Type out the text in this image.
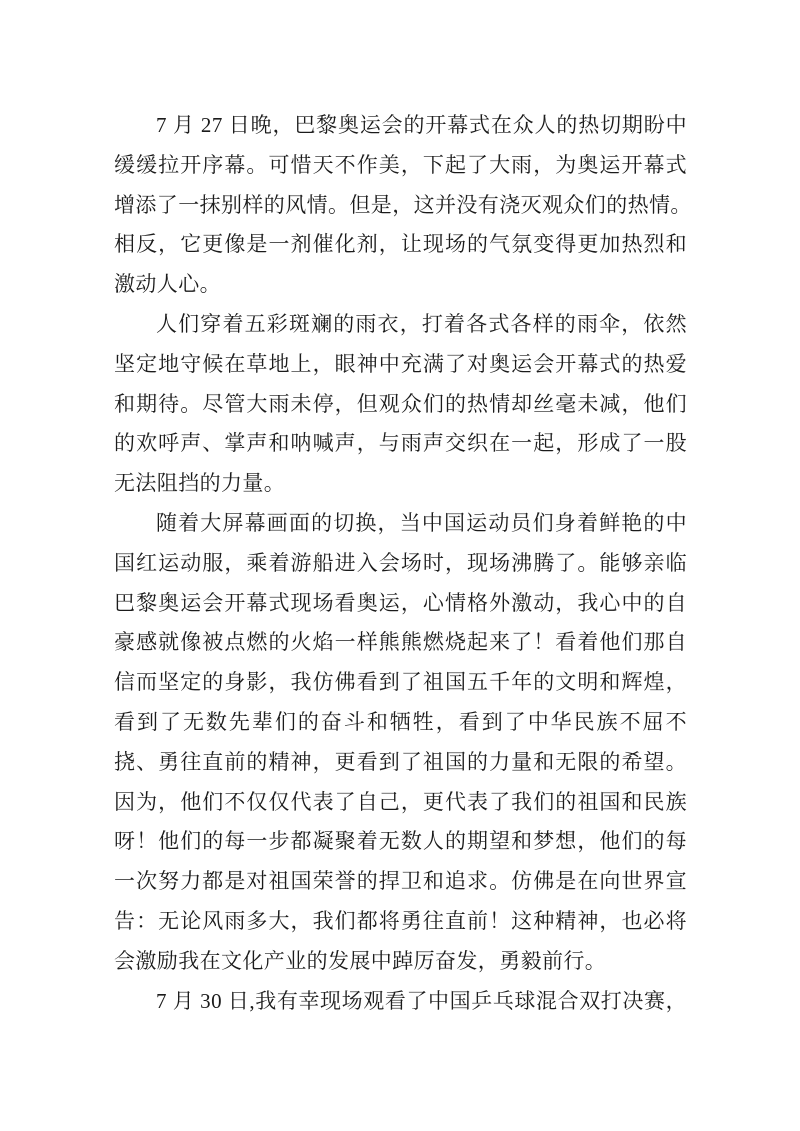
7 月 27 日晚，巴黎奥运会的开幕式在众人的热切期盼中
缓缓拉开序幕。可惜天不作美，下起了大雨，为奥运开幕式
增添了一抹别样的风情。但是，这并没有浇灭观众们的热情。
相反，它更像是一剂催化剂，让现场的气氛变得更加热烈和
激动人心。
人们穿着五彩斑斓的雨衣，打着各式各样的雨伞，依然
坚定地守候在草地上，眼神中充满了对奥运会开幕式的热爱
和期待。尽管大雨未停，但观众们的热情却丝毫未减，他们
的欢呼声、掌声和呐喊声，与雨声交织在一起，形成了一股
无法阻挡的力量。
随着大屏幕画面的切换，当中国运动员们身着鲜艳的中
国红运动服，乘着游船进入会场时，现场沸腾了。能够亲临
巴黎奥运会开幕式现场看奥运，心情格外激动，我心中的自
豪感就像被点燃的火焰一样熊熊燃烧起来了！看着他们那自
信而坚定的身影，我仿佛看到了祖国五千年的文明和辉煌，
看到了无数先辈们的奋斗和牺牲，看到了中华民族不屈不
挠、勇往直前的精神，更看到了祖国的力量和无限的希望。
因为，他们不仅仅代表了自己，更代表了我们的祖国和民族
呀！他们的每一步都凝聚着无数人的期望和梦想，他们的每
一次努力都是对祖国荣誉的捍卫和追求。仿佛是在向世界宣
告：无论风雨多大，我们都将勇往直前！这种精神，也必将
会激励我在文化产业的发展中踔厉奋发，勇毅前行。
7 月 30 日,我有幸现场观看了中国乒乓球混合双打决赛，
